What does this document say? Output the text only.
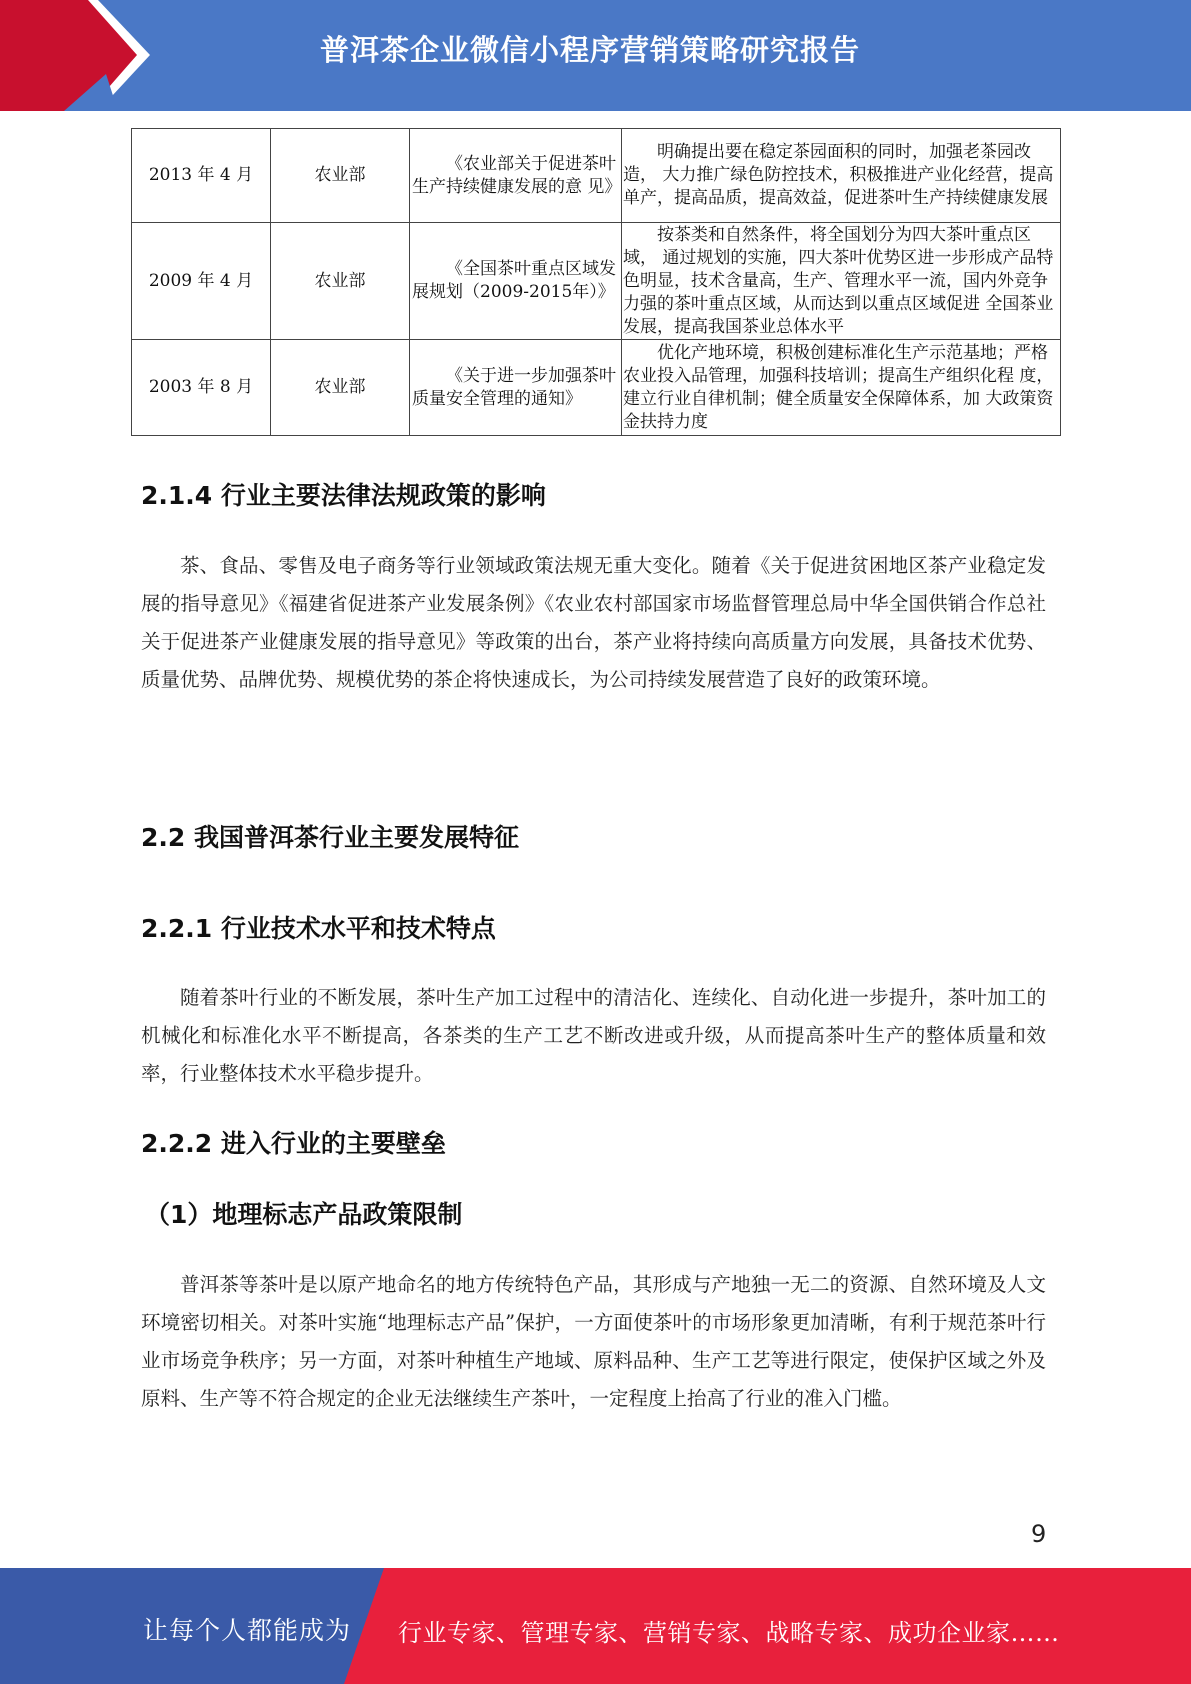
普洱茶企业微信小程序营销策略研究报告
2013 年 4 月	农业部	《农业部关于促进茶叶 生产持续健康发展的意 见》	明确提出要在稳定茶园面积的同时，加强老茶园改造， 大力推广绿色防控技术，积极推进产业化经营，提高 单产，提高品质，提高效益，促进茶叶生产持续健康发展
2009 年 4 月	农业部	《全国茶叶重点区域发 展规划（2009-2015年）》	按茶类和自然条件，将全国划分为四大茶叶重点区域， 通过规划的实施，四大茶叶优势区进一步形成产品特 色明显，技术含量高，生产、管理水平一流，国内外竞争力强的茶叶重点区域，从而达到以重点区域促进 全国茶业发展，提高我国茶业总体水平
2003 年 8 月	农业部	《关于进一步加强茶叶 质量安全管理的通知》	优化产地环境，积极创建标准化生产示范基地；严格农业投入品管理，加强科技培训；提高生产组织化程 度，建立行业自律机制；健全质量安全保障体系，加 大政策资金扶持力度
2.1.4 行业主要法律法规政策的影响
茶、食品、零售及电子商务等行业领域政策法规无重大变化。随着《关于促进贫困地区茶产业稳定发展的指导意见》《福建省促进茶产业发展条例》《农业农村部国家市场监督管理总局中华全国供销合作总社关于促进茶产业健康发展的指导意见》等政策的出台，茶产业将持续向高质量方向发展，具备技术优势、质量优势、品牌优势、规模优势的茶企将快速成长，为公司持续发展营造了良好的政策环境。
2.2 我国普洱茶行业主要发展特征
2.2.1 行业技术水平和技术特点
随着茶叶行业的不断发展，茶叶生产加工过程中的清洁化、连续化、自动化进一步提升，茶叶加工的机械化和标准化水平不断提高，各茶类的生产工艺不断改进或升级，从而提高茶叶生产的整体质量和效率，行业整体技术水平稳步提升。
2.2.2 进入行业的主要壁垒
（1）地理标志产品政策限制
普洱茶等茶叶是以原产地命名的地方传统特色产品，其形成与产地独一无二的资源、自然环境及人文环境密切相关。对茶叶实施“地理标志产品”保护，一方面使茶叶的市场形象更加清晰，有利于规范茶叶行业市场竞争秩序；另一方面，对茶叶种植生产地域、原料品种、生产工艺等进行限定，使保护区域之外及原料、生产等不符合规定的企业无法继续生产茶叶，一定程度上抬高了行业的准入门槛。
9
让每个人都能成为 行业专家、管理专家、营销专家、战略专家、成功企业家……
